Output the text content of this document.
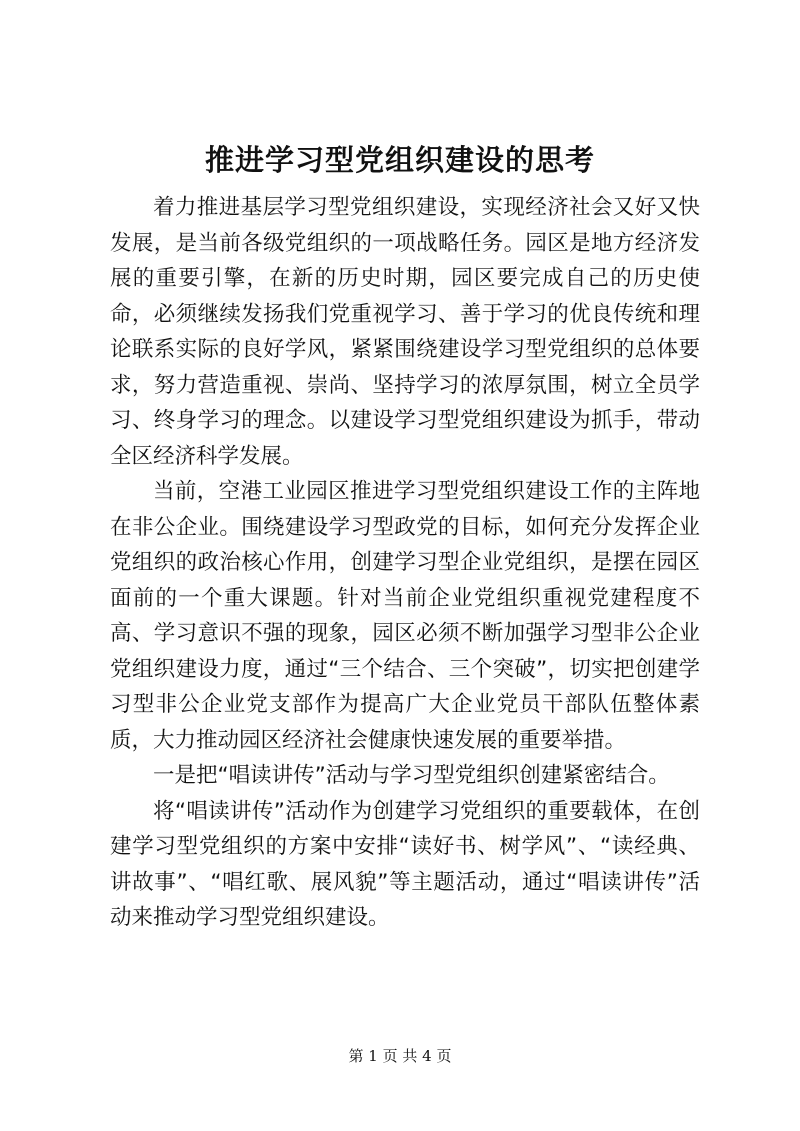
推进学习型党组织建设的思考

着力推进基层学习型党组织建设，实现经济社会又好又快发展，是当前各级党组织的一项战略任务。园区是地方经济发展的重要引擎，在新的历史时期，园区要完成自己的历史使命，必须继续发扬我们党重视学习、善于学习的优良传统和理论联系实际的良好学风，紧紧围绕建设学习型党组织的总体要求，努力营造重视、崇尚、坚持学习的浓厚氛围，树立全员学习、终身学习的理念。以建设学习型党组织建设为抓手，带动全区经济科学发展。

当前，空港工业园区推进学习型党组织建设工作的主阵地在非公企业。围绕建设学习型政党的目标，如何充分发挥企业党组织的政治核心作用，创建学习型企业党组织，是摆在园区面前的一个重大课题。针对当前企业党组织重视党建程度不高、学习意识不强的现象，园区必须不断加强学习型非公企业党组织建设力度，通过“三个结合、三个突破”，切实把创建学习型非公企业党支部作为提高广大企业党员干部队伍整体素质，大力推动园区经济社会健康快速发展的重要举措。

一是把“唱读讲传”活动与学习型党组织创建紧密结合。

将“唱读讲传”活动作为创建学习党组织的重要载体，在创建学习型党组织的方案中安排“读好书、树学风”、“读经典、讲故事”、“唱红歌、展风貌”等主题活动，通过“唱读讲传”活动来推动学习型党组织建设。

第 1 页 共 4 页
